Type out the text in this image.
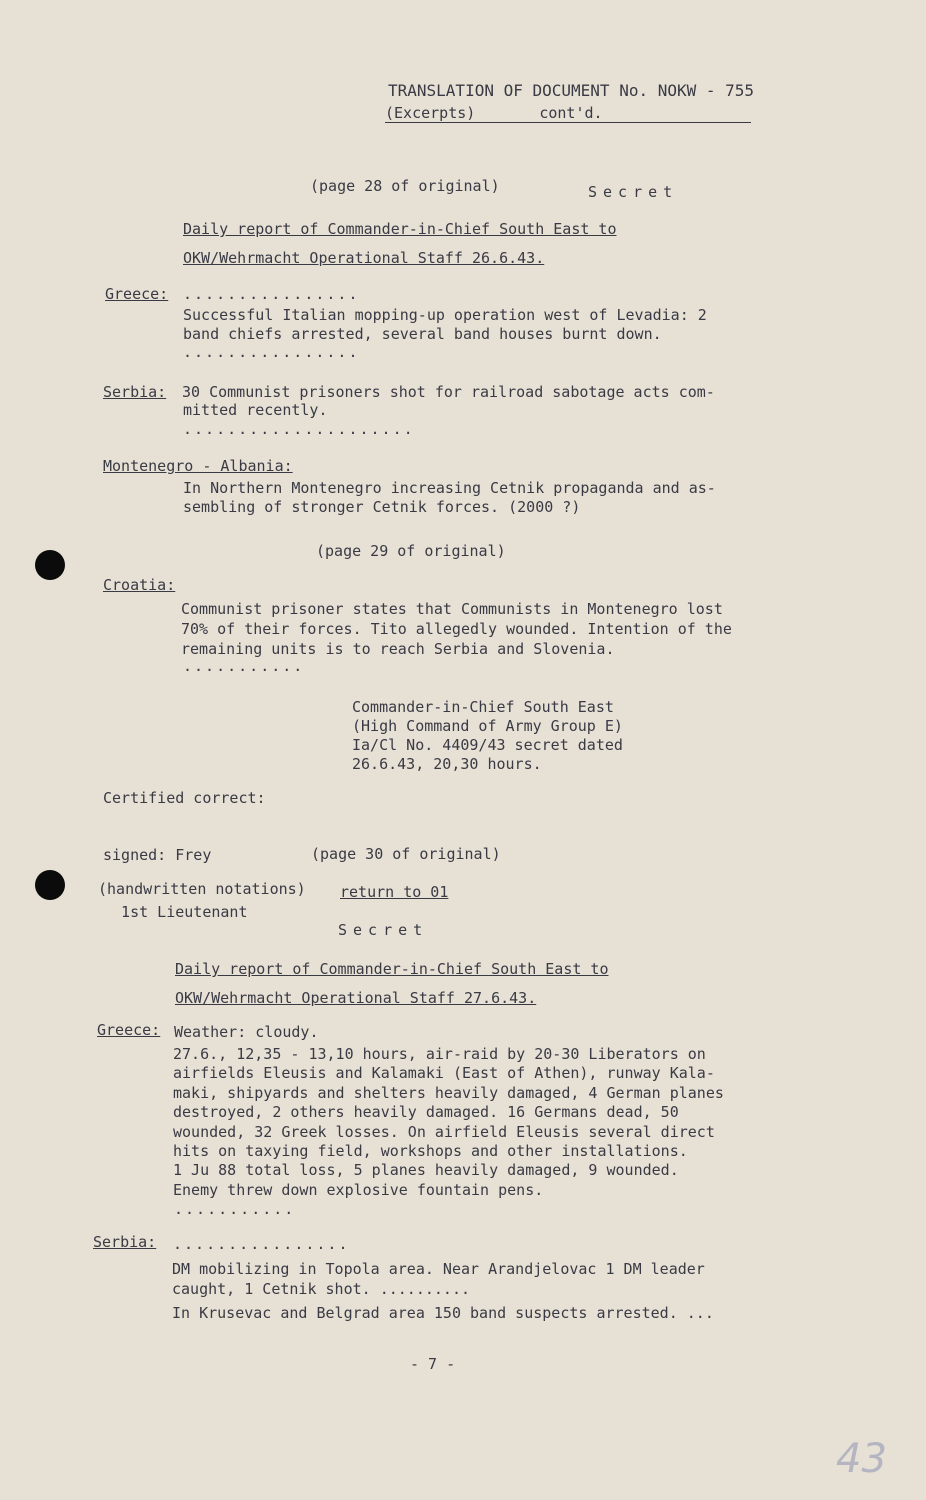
TRANSLATION OF DOCUMENT No. NOKW - 755
(Excerpts)	cont'd.
(page 28 of original)	Secret
Daily report of Commander-in-Chief South East to
OKW/Wehrmacht Operational Staff 26.6.43.
Greece: ................
Successful Italian mopping-up operation west of Levadia: 2
band chiefs arrested, several band houses burnt down.
................
Serbia: 30 Communist prisoners shot for railroad sabotage acts com-
mitted recently.
.....................
Montenegro - Albania:
In Northern Montenegro increasing Cetnik propaganda and as-
sembling of stronger Cetnik forces. (2000 ?)
(page 29 of original)
Croatia:
Communist prisoner states that Communists in Montenegro lost
70% of their forces. Tito allegedly wounded. Intention of the
remaining units is to reach Serbia and Slovenia.
...........
Commander-in-Chief South East
(High Command of Army Group E)
Ia/Cl No. 4409/43 secret dated
26.6.43, 20,30 hours.

Certified correct:

signed: Frey

1st Lieutenant

(page 30 of original)
(handwritten notations) return to 01
Secret
Daily report of Commander-in-Chief South East to
OKW/Wehrmacht Operational Staff 27.6.43.
Greece: Weather: cloudy.
27.6., 12,35 - 13,10 hours, air-raid by 20-30 Liberators on
airfields Eleusis and Kalamaki (East of Athen), runway Kala-
maki, shipyards and shelters heavily damaged, 4 German planes
destroyed, 2 others heavily damaged. 16 Germans dead, 50
wounded, 32 Greek losses. On airfield Eleusis several direct
hits on taxying field, workshops and other installations.
1 Ju 88 total loss, 5 planes heavily damaged, 9 wounded.
Enemy threw down explosive fountain pens.
...........
Serbia: ................
DM mobilizing in Topola area. Near Arandjelovac 1 DM leader
caught, 1 Cetnik shot. ..........
In Krusevac and Belgrad area 150 band suspects arrested. ...
- 7 -
43
